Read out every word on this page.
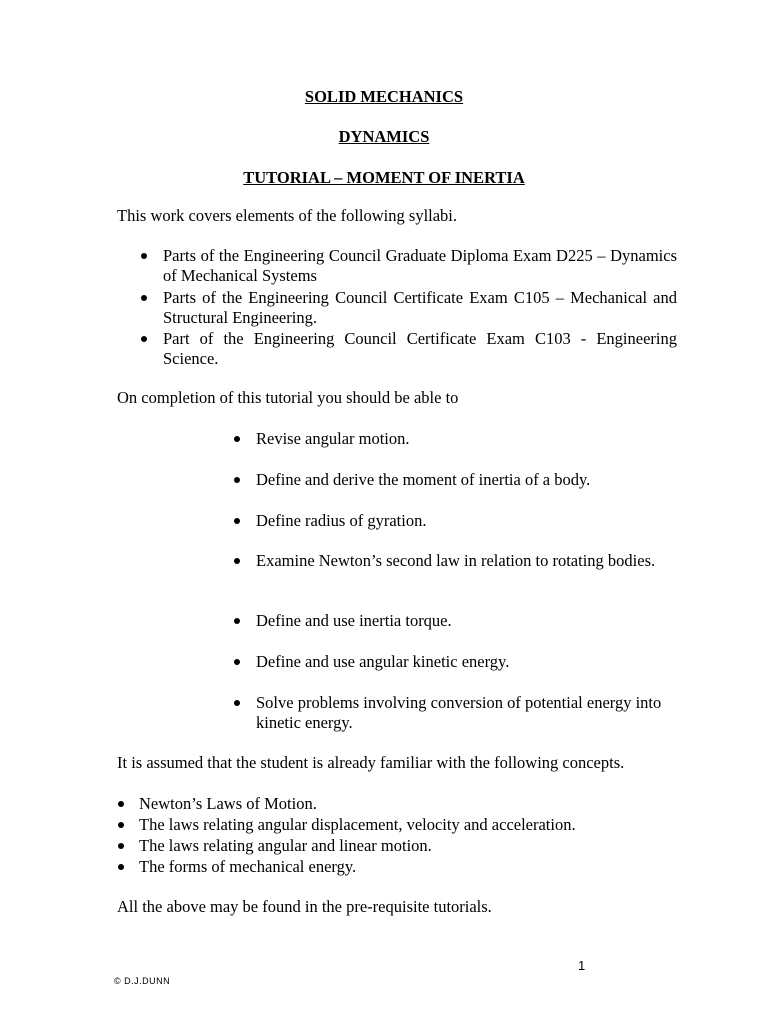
SOLID MECHANICS
DYNAMICS
TUTORIAL – MOMENT OF INERTIA
This work covers elements of the following syllabi.
Parts of the Engineering Council Graduate Diploma Exam D225 – Dynamics of Mechanical Systems
Parts of the Engineering Council Certificate Exam C105 – Mechanical and Structural Engineering.
Part of the Engineering Council Certificate Exam C103 - Engineering Science.
On completion of this tutorial you should be able to
Revise angular motion.
Define and derive the moment of inertia of a body.
Define radius of gyration.
Examine Newton’s second law in relation to rotating bodies.
Define and use inertia torque.
Define and use angular kinetic energy.
Solve problems involving conversion of potential energy into kinetic energy.
It is assumed that the student is already familiar with the following concepts.
Newton’s Laws of Motion.
The laws relating angular displacement, velocity and acceleration.
The laws relating angular and linear motion.
The forms of mechanical energy.
All the above may be found in the pre-requisite tutorials.
1
© D.J.DUNN
